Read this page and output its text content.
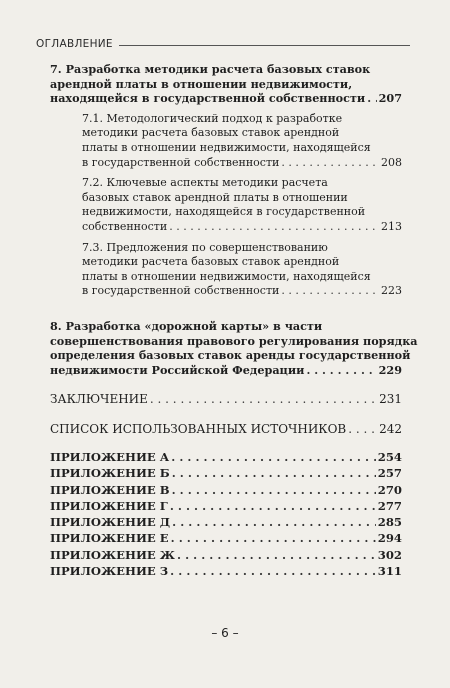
ОГЛАВЛЕНИЕ
7. Разработка методики расчета базовых ставок
арендной платы в отношении недвижимости,
находящейся в государственной собственности . . . 207
7.1. Методологический подход к разработке
методики расчета базовых ставок арендной
платы в отношении недвижимости, находящейся
в государственной собственности . . .	208
7.2. Ключевые аспекты методики расчета
базовых ставок арендной платы в отношении
недвижимости, находящейся в государственной
собственности . . .	213
7.3. Предложения по совершенствованию
методики расчета базовых ставок арендной
платы в отношении недвижимости, находящейся
в государственной собственности . . .	223
8. Разработка «дорожной карты» в части
совершенствования правового регулирования порядка
определения базовых ставок аренды государственной
недвижимости Российской Федерации . . .	229
ЗАКЛЮЧЕНИЕ . . .	231
СПИСОК ИСПОЛЬЗОВАННЫХ ИСТОЧНИКОВ . . .	242
ПРИЛОЖЕНИЕ А . . .	254
ПРИЛОЖЕНИЕ Б . . .	257
ПРИЛОЖЕНИЕ В . . .	270
ПРИЛОЖЕНИЕ Г . . .	277
ПРИЛОЖЕНИЕ Д . . .	285
ПРИЛОЖЕНИЕ Е . . .	294
ПРИЛОЖЕНИЕ Ж . . .	302
ПРИЛОЖЕНИЕ З . . .	311
– 6 –
